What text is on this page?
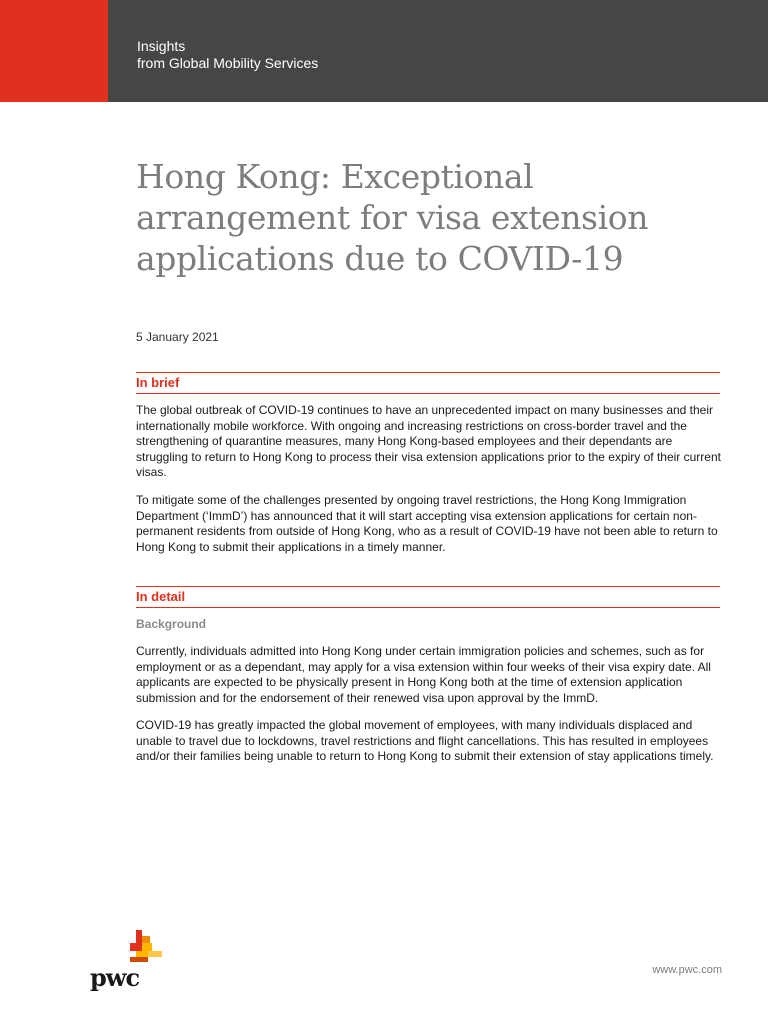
Insights
from Global Mobility Services
Hong Kong: Exceptional arrangement for visa extension applications due to COVID-19
5 January 2021
In brief

The global outbreak of COVID-19 continues to have an unprecedented impact on many businesses and their internationally mobile workforce. With ongoing and increasing restrictions on cross-border travel and the strengthening of quarantine measures, many Hong Kong-based employees and their dependants are struggling to return to Hong Kong to process their visa extension applications prior to the expiry of their current visas.

To mitigate some of the challenges presented by ongoing travel restrictions, the Hong Kong Immigration Department (‘ImmD’) has announced that it will start accepting visa extension applications for certain non-permanent residents from outside of Hong Kong, who as a result of COVID-19 have not been able to return to Hong Kong to submit their applications in a timely manner.

In detail
Background

Currently, individuals admitted into Hong Kong under certain immigration policies and schemes, such as for employment or as a dependant, may apply for a visa extension within four weeks of their visa expiry date. All applicants are expected to be physically present in Hong Kong both at the time of extension application submission and for the endorsement of their renewed visa upon approval by the ImmD.

COVID-19 has greatly impacted the global movement of employees, with many individuals displaced and unable to travel due to lockdowns, travel restrictions and flight cancellations. This has resulted in employees and/or their families being unable to return to Hong Kong to submit their extension of stay applications timely.

pwc	www.pwc.com
